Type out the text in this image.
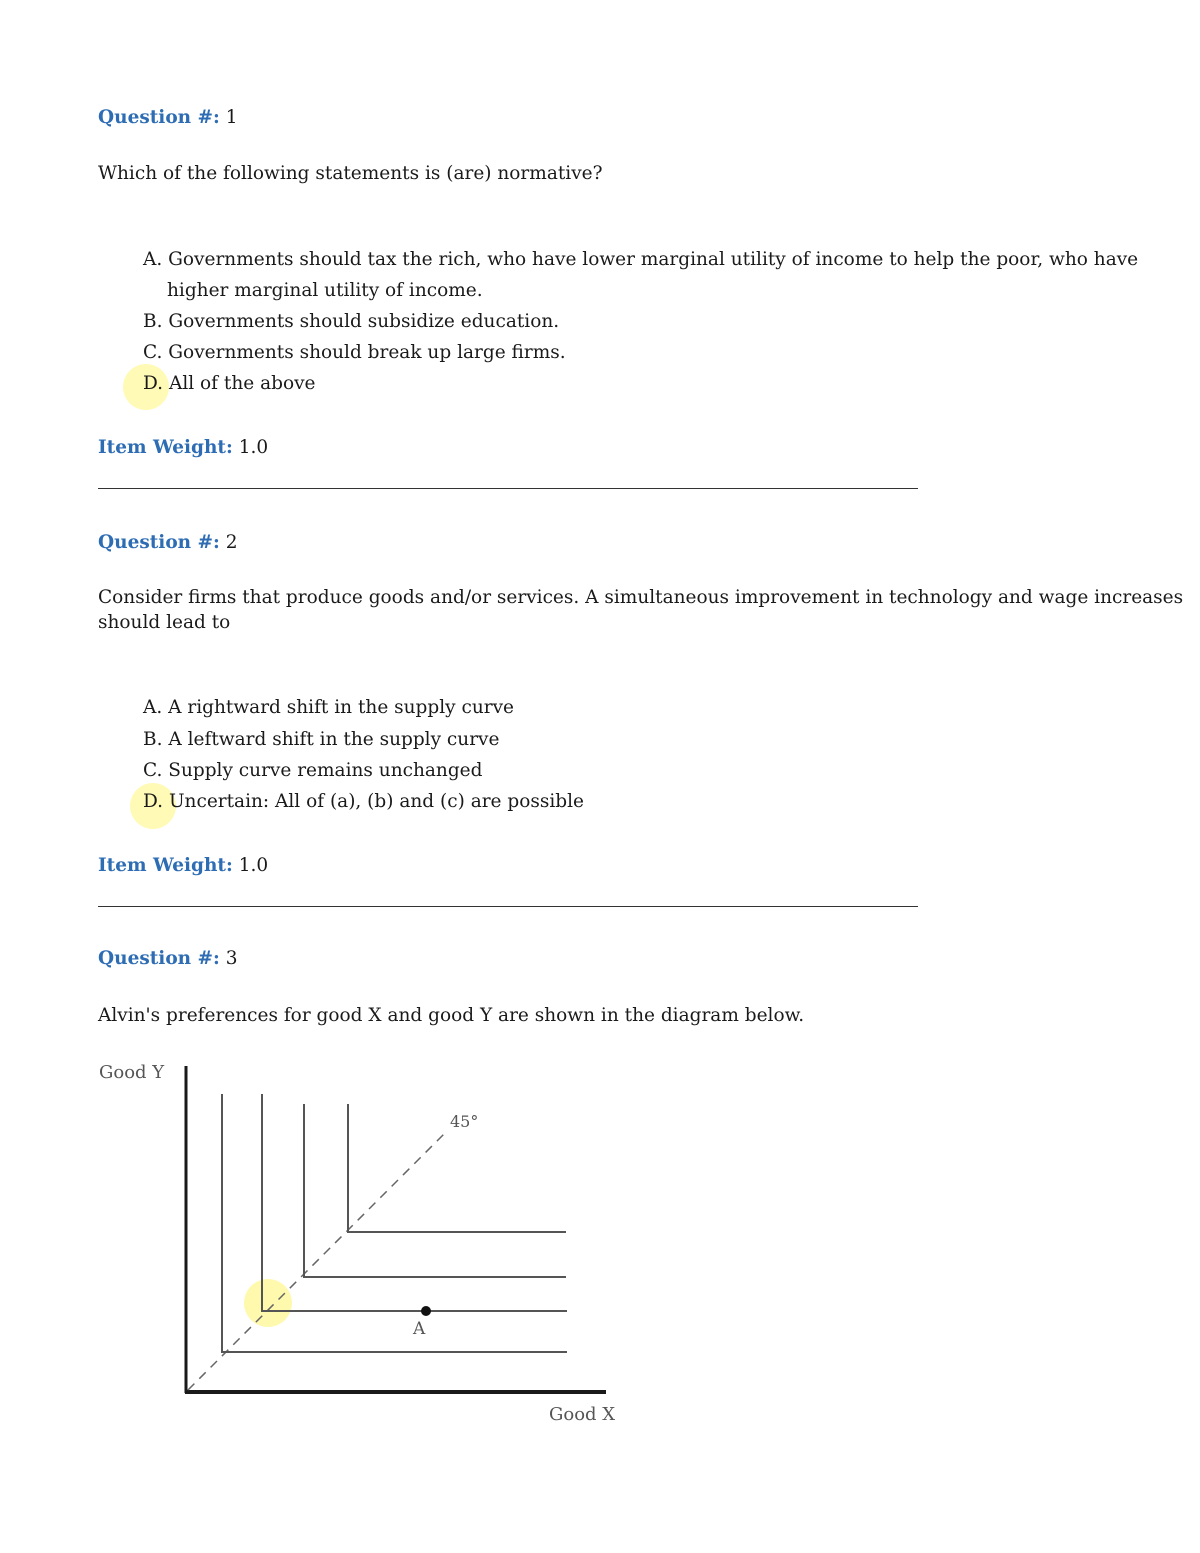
Question #: 1
Which of the following statements is (are) normative?
A. Governments should tax the rich, who have lower marginal utility of income to help the poor, who have
higher marginal utility of income.
B. Governments should subsidize education.
C. Governments should break up large firms.
D. All of the above
Item Weight: 1.0
Question #: 2
Consider firms that produce goods and/or services. A simultaneous improvement in technology and wage increases
should lead to
A. A rightward shift in the supply curve
B. A leftward shift in the supply curve
C. Supply curve remains unchanged
D. Uncertain: All of (a), (b) and (c) are possible
Item Weight: 1.0
Question #: 3
Alvin's preferences for good X and good Y are shown in the diagram below.
Good Y
Good X
45°
A
